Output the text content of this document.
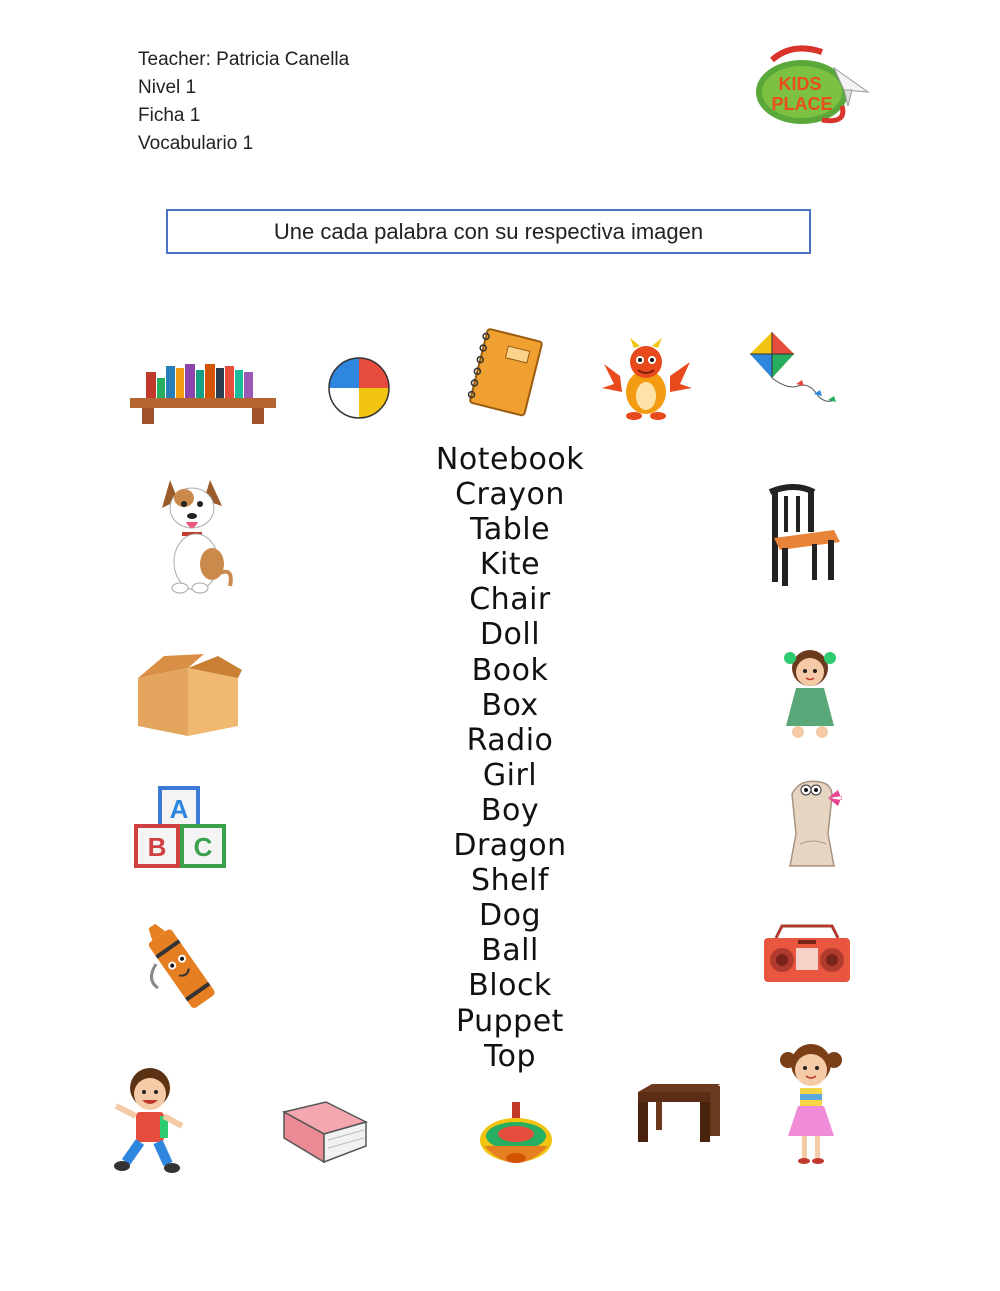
Teacher: Patricia Canella
Nivel 1
Ficha 1
Vocabulario 1
KIDS
PLACE
Une cada palabra con su respectiva imagen
Notebook
Crayon
Table
Kite
Chair
Doll
Book
Box
Radio
Girl
Boy
Dragon
Shelf
Dog
Ball
Block
Puppet
Top
A
B C
